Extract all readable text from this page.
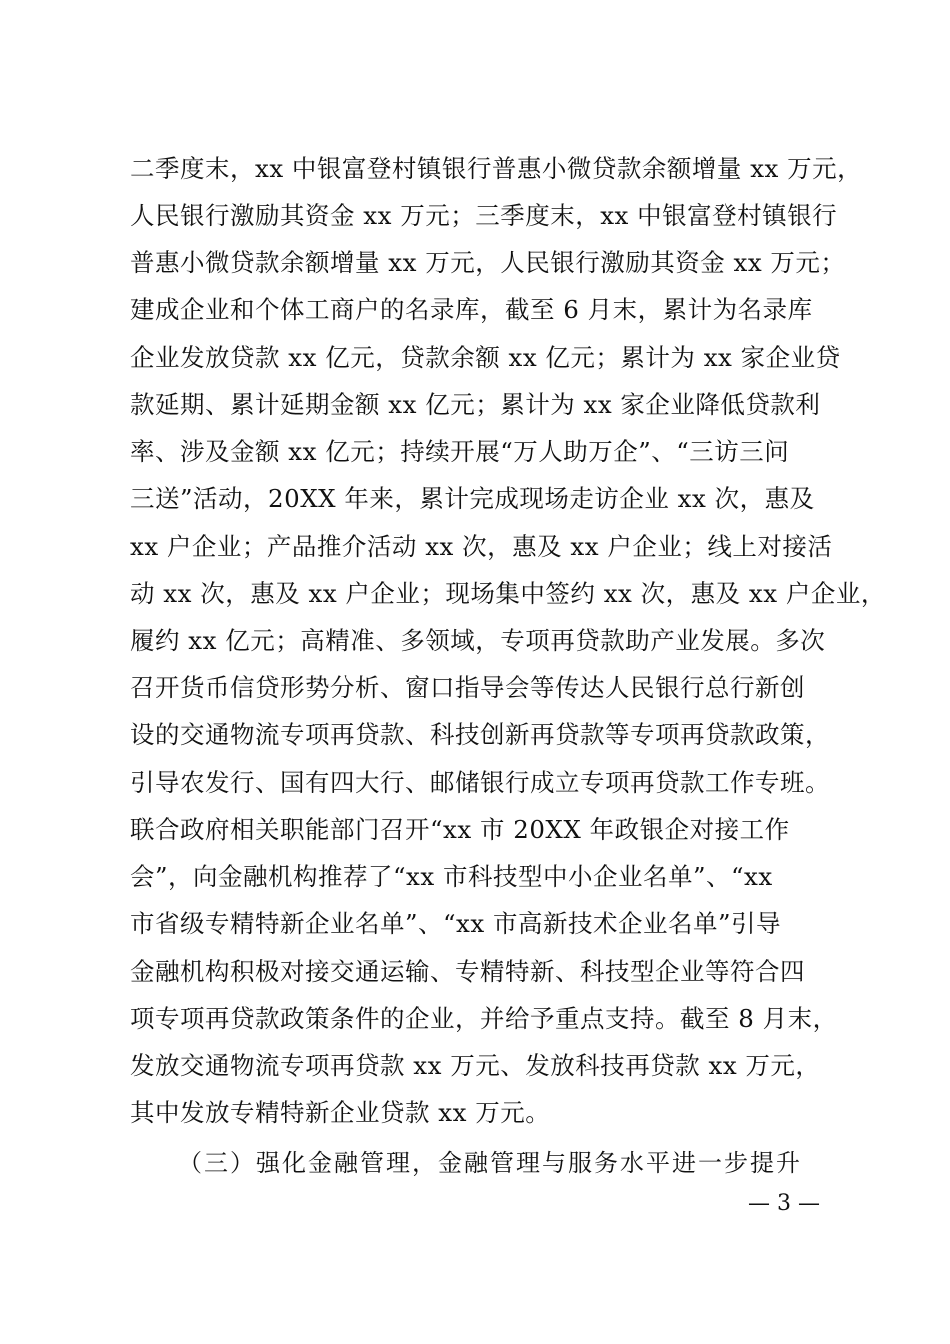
二季度末，xx 中银富登村镇银行普惠小微贷款余额增量 xx 万元，
人民银行激励其资金 xx 万元；三季度末，xx 中银富登村镇银行
普惠小微贷款余额增量 xx 万元，人民银行激励其资金 xx 万元；
建成企业和个体工商户的名录库，截至 6 月末，累计为名录库
企业发放贷款 xx 亿元，贷款余额 xx 亿元；累计为 xx 家企业贷
款延期、累计延期金额 xx 亿元；累计为 xx 家企业降低贷款利
率、涉及金额 xx 亿元；持续开展“万人助万企”、“三访三问
三送”活动，20XX 年来，累计完成现场走访企业 xx 次，惠及
xx 户企业；产品推介活动 xx 次，惠及 xx 户企业；线上对接活
动 xx 次，惠及 xx 户企业；现场集中签约 xx 次，惠及 xx 户企业，
履约 xx 亿元；高精准、多领域，专项再贷款助产业发展。多次
召开货币信贷形势分析、窗口指导会等传达人民银行总行新创
设的交通物流专项再贷款、科技创新再贷款等专项再贷款政策，
引导农发行、国有四大行、邮储银行成立专项再贷款工作专班。
联合政府相关职能部门召开“xx 市 20XX 年政银企对接工作
会”，向金融机构推荐了“xx 市科技型中小企业名单”、“xx
市省级专精特新企业名单”、“xx 市高新技术企业名单”引导
金融机构积极对接交通运输、专精特新、科技型企业等符合四
项专项再贷款政策条件的企业，并给予重点支持。截至 8 月末，
发放交通物流专项再贷款 xx 万元、发放科技再贷款 xx 万元，
其中发放专精特新企业贷款 xx 万元。
（三）强化金融管理，金融管理与服务水平进一步提升
— 3 —
